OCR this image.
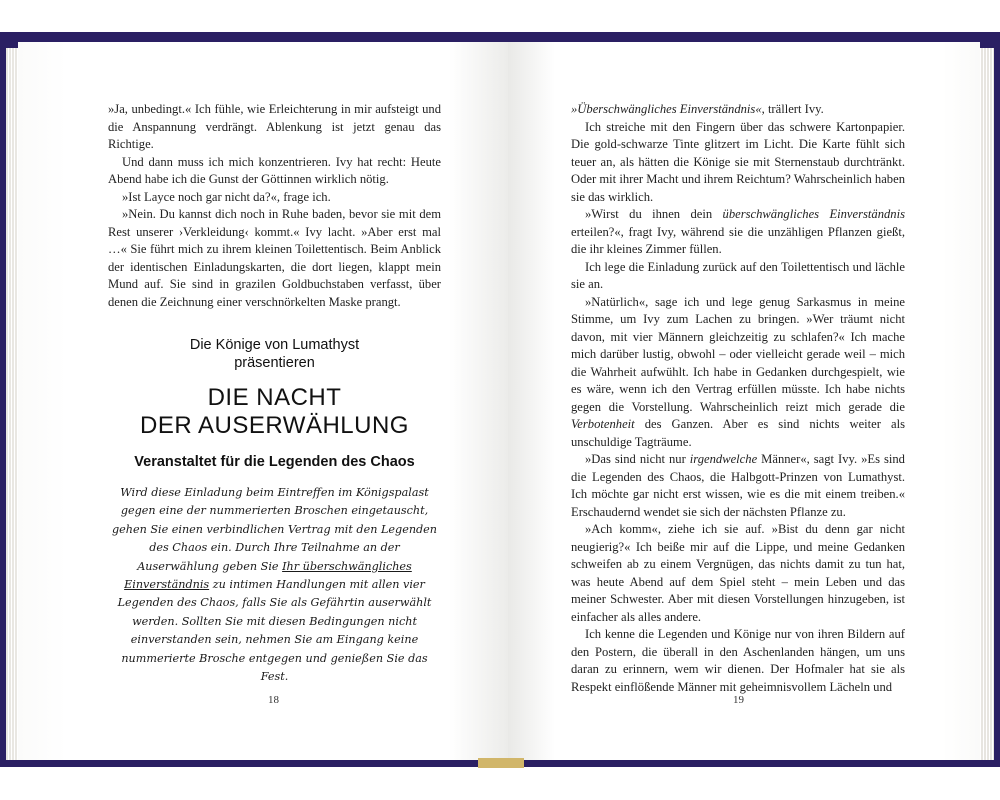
»Ja, unbedingt.« Ich fühle, wie Erleichterung in mir aufsteigt und die Anspannung verdrängt. Ablenkung ist jetzt genau das Richtige.

Und dann muss ich mich konzentrieren. Ivy hat recht: Heute Abend habe ich die Gunst der Göttinnen wirklich nötig.

»Ist Layce noch gar nicht da?«, frage ich.

»Nein. Du kannst dich noch in Ruhe baden, bevor sie mit dem Rest unserer ›Verkleidung‹ kommt.« Ivy lacht. »Aber erst mal …« Sie führt mich zu ihrem kleinen Toilettentisch. Beim Anblick der identischen Einladungskarten, die dort liegen, klappt mein Mund auf. Sie sind in grazilen Goldbuchstaben verfasst, über denen die Zeichnung einer verschnörkelten Maske prangt.

Die Könige von Lumathyst
präsentieren
DIE NACHT
DER AUSERWÄHLUNG
Veranstaltet für die Legenden des Chaos
Wird diese Einladung beim Eintreffen im Königspalast gegen eine der nummerierten Broschen eingetauscht, gehen Sie einen verbindlichen Vertrag mit den Legenden des Chaos ein. Durch Ihre Teilnahme an der Auserwählung geben Sie Ihr überschwängliches Einverständnis zu intimen Handlungen mit allen vier Legenden des Chaos, falls Sie als Gefährtin auserwählt werden. Sollten Sie mit diesen Bedingungen nicht einverstanden sein, nehmen Sie am Eingang keine nummerierte Brosche entgegen und genießen Sie das Fest.
18

»Überschwängliches Einverständnis«, trällert Ivy.

Ich streiche mit den Fingern über das schwere Kartonpapier. Die gold-schwarze Tinte glitzert im Licht. Die Karte fühlt sich teuer an, als hätten die Könige sie mit Sternenstaub durchtränkt. Oder mit ihrer Macht und ihrem Reichtum? Wahrscheinlich haben sie das wirklich.

»Wirst du ihnen dein überschwängliches Einverständnis erteilen?«, fragt Ivy, während sie die unzähligen Pflanzen gießt, die ihr kleines Zimmer füllen.

Ich lege die Einladung zurück auf den Toilettentisch und lächle sie an.

»Natürlich«, sage ich und lege genug Sarkasmus in meine Stimme, um Ivy zum Lachen zu bringen. »Wer träumt nicht davon, mit vier Männern gleichzeitig zu schlafen?« Ich mache mich darüber lustig, obwohl – oder vielleicht gerade weil – mich die Wahrheit aufwühlt. Ich habe in Gedanken durchgespielt, wie es wäre, wenn ich den Vertrag erfüllen müsste. Ich habe nichts gegen die Vorstellung. Wahrscheinlich reizt mich gerade die Verbotenheit des Ganzen. Aber es sind nichts weiter als unschuldige Tagträume.

»Das sind nicht nur irgendwelche Männer«, sagt Ivy. »Es sind die Legenden des Chaos, die Halbgott-Prinzen von Lumathyst. Ich möchte gar nicht erst wissen, wie es die mit einem treiben.« Erschaudernd wendet sie sich der nächsten Pflanze zu.

»Ach komm«, ziehe ich sie auf. »Bist du denn gar nicht neugierig?« Ich beiße mir auf die Lippe, und meine Gedanken schweifen ab zu einem Vergnügen, das nichts damit zu tun hat, was heute Abend auf dem Spiel steht – mein Leben und das meiner Schwester. Aber mit diesen Vorstellungen hinzugeben, ist einfacher als alles andere.

Ich kenne die Legenden und Könige nur von ihren Bildern auf den Postern, die überall in den Aschenlanden hängen, um uns daran zu erinnern, wem wir dienen. Der Hofmaler hat sie als Respekt einflößende Männer mit geheimnisvollem Lächeln und

19
